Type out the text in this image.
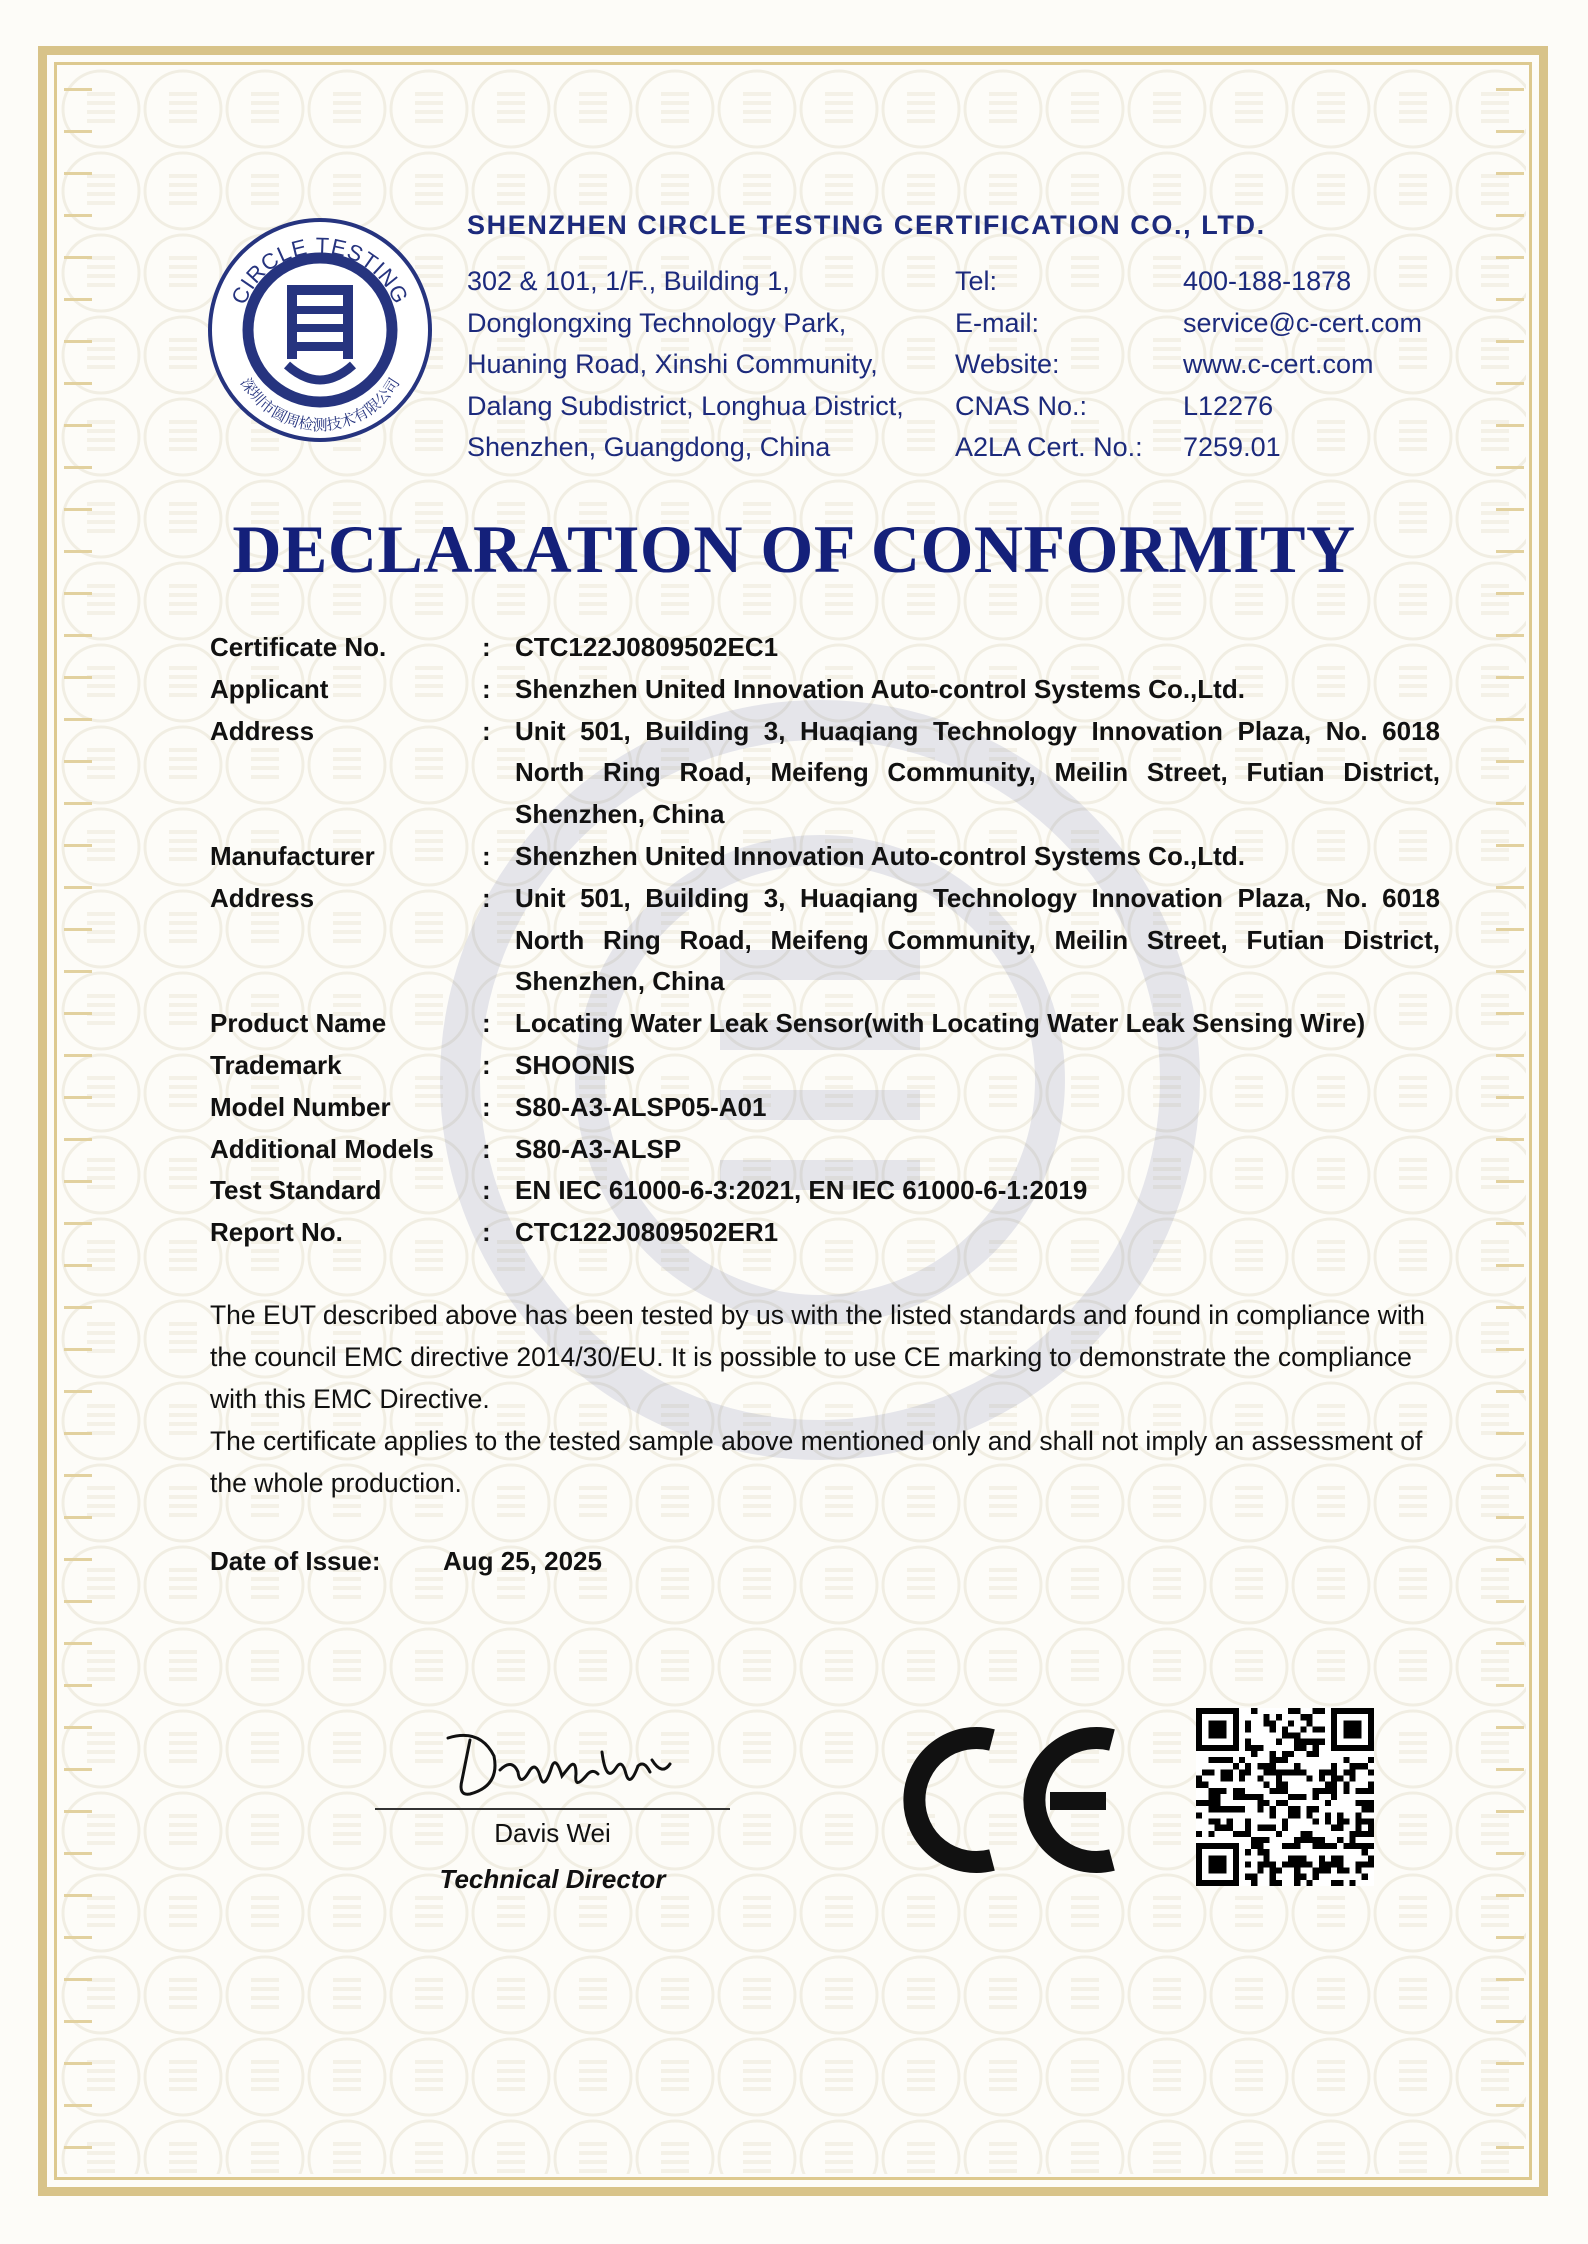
CIRCLE TESTING
深圳市圆周检测技术有限公司
SHENZHEN CIRCLE TESTING CERTIFICATION CO., LTD.
302 & 101, 1/F., Building 1,
Donglongxing Technology Park,
Huaning Road, Xinshi Community,
Dalang Subdistrict, Longhua District,
Shenzhen, Guangdong, China
Tel:	400-188-1878
E-mail:	service@c-cert.com
Website:	www.c-cert.com
CNAS No.:	L12276
A2LA Cert. No.:	7259.01
DECLARATION OF CONFORMITY
Certificate No.	: CTC122J0809502EC1
Applicant	: Shenzhen United Innovation Auto-control Systems Co.,Ltd.
Address	: Unit 501, Building 3, Huaqiang Technology Innovation Plaza, No. 6018 North Ring Road, Meifeng Community, Meilin Street, Futian District, Shenzhen, China
Manufacturer	: Shenzhen United Innovation Auto-control Systems Co.,Ltd.
Address	: Unit 501, Building 3, Huaqiang Technology Innovation Plaza, No. 6018 North Ring Road, Meifeng Community, Meilin Street, Futian District, Shenzhen, China
Product Name	: Locating Water Leak Sensor(with Locating Water Leak Sensing Wire)
Trademark	: SHOONIS
Model Number	: S80-A3-ALSP05-A01
Additional Models	: S80-A3-ALSP
Test Standard	: EN IEC 61000-6-3:2021, EN IEC 61000-6-1:2019
Report No.	: CTC122J0809502ER1

The EUT described above has been tested by us with the listed standards and found in compliance with the council EMC directive 2014/30/EU. It is possible to use CE marking to demonstrate the compliance with this EMC Directive.

The certificate applies to the tested sample above mentioned only and shall not imply an assessment of the whole production.

Date of Issue:	Aug 25, 2025
Davis Wei
Technical Director
